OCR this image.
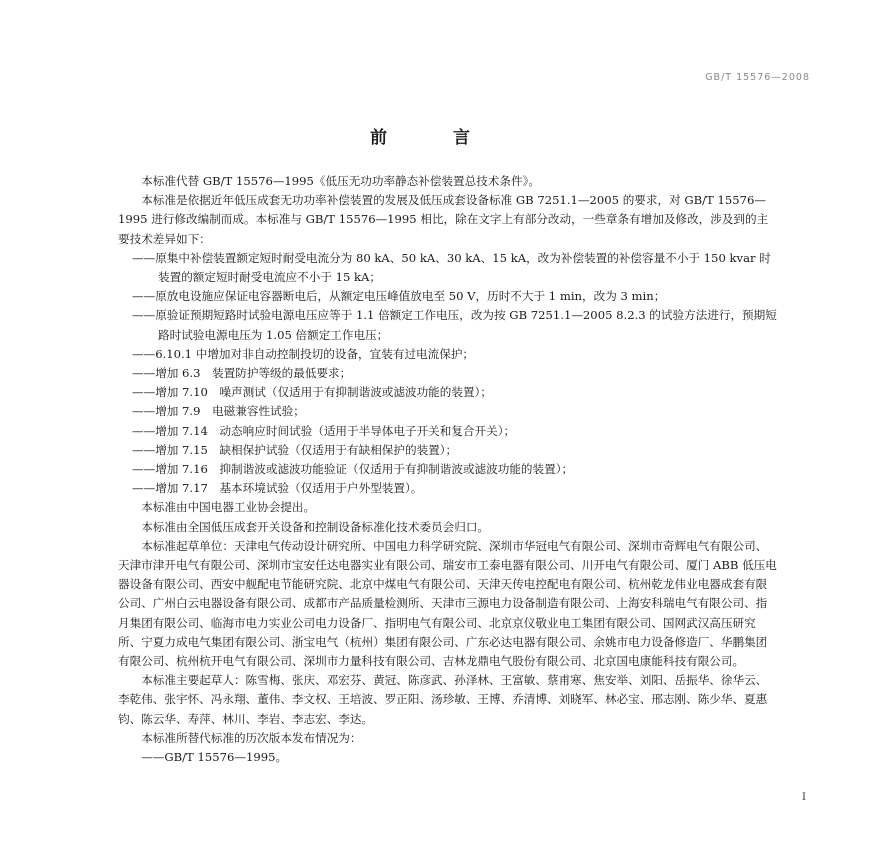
GB/T 15576—2008
前 言

本标准代替 GB/T 15576—1995《低压无功功率静态补偿装置总技术条件》。

本标准是依据近年低压成套无功功率补偿装置的发展及低压成套设备标准 GB 7251.1—2005 的要求，对 GB/T 15576—1995 进行修改编制而成。本标准与 GB/T 15576—1995 相比，除在文字上有部分改动，一些章条有增加及修改，涉及到的主要技术差异如下：

——原集中补偿装置额定短时耐受电流分为 80 kA、50 kA、30 kA、15 kA，改为补偿装置的补偿容量不小于 150 kvar 时装置的额定短时耐受电流应不小于 15 kA；

——原放电设施应保证电容器断电后，从额定电压峰值放电至 50 V，历时不大于 1 min，改为 3 min；

——原验证预期短路时试验电源电压应等于 1.1 倍额定工作电压，改为按 GB 7251.1—2005 8.2.3 的试验方法进行，预期短路时试验电源电压为 1.05 倍额定工作电压；

——6.10.1 中增加对非自动控制投切的设备，宜装有过电流保护；

——增加 6.3　装置防护等级的最低要求；

——增加 7.10　噪声测试（仅适用于有抑制谐波或滤波功能的装置）；

——增加 7.9　电磁兼容性试验；

——增加 7.14　动态响应时间试验（适用于半导体电子开关和复合开关）；

——增加 7.15　缺相保护试验（仅适用于有缺相保护的装置）；

——增加 7.16　抑制谐波或滤波功能验证（仅适用于有抑制谐波或滤波功能的装置）；

——增加 7.17　基本环境试验（仅适用于户外型装置）。

本标准由中国电器工业协会提出。

本标准由全国低压成套开关设备和控制设备标准化技术委员会归口。

本标准起草单位：天津电气传动设计研究所、中国电力科学研究院、深圳市华冠电气有限公司、深圳市奇辉电气有限公司、天津市津开电气有限公司、深圳市宝安任达电器实业有限公司、瑞安市工泰电器有限公司、川开电气有限公司、厦门 ABB 低压电器设备有限公司、西安中舰配电节能研究院、北京中煤电气有限公司、天津天传电控配电有限公司、杭州乾龙伟业电器成套有限公司、广州白云电器设备有限公司、成都市产品质量检测所、天津市三源电力设备制造有限公司、上海安科瑞电气有限公司、指月集团有限公司、临海市电力实业公司电力设备厂、指明电气有限公司、北京京仪敬业电工集团有限公司、国网武汉高压研究所、宁夏力成电气集团有限公司、浙宝电气（杭州）集团有限公司、广东必达电器有限公司、余姚市电力设备修造厂、华鹏集团有限公司、杭州杭开电气有限公司、深圳市力量科技有限公司、吉林龙鼎电气股份有限公司、北京国电康能科技有限公司。

本标准主要起草人：陈雪梅、张庆、邓宏芬、黄冠、陈彦武、孙泽林、王富敏、蔡甫寒、焦安举、刘阳、岳振华、徐华云、李乾伟、张宇怀、冯永翔、董伟、李文权、王培波、罗正阳、汤珍敏、王博、乔清博、刘晓军、林必宝、邢志刚、陈少华、夏惠钧、陈云华、寿萍、林川、李岩、李志宏、李达。

本标准所替代标准的历次版本发布情况为：

——GB/T 15576—1995。

I
